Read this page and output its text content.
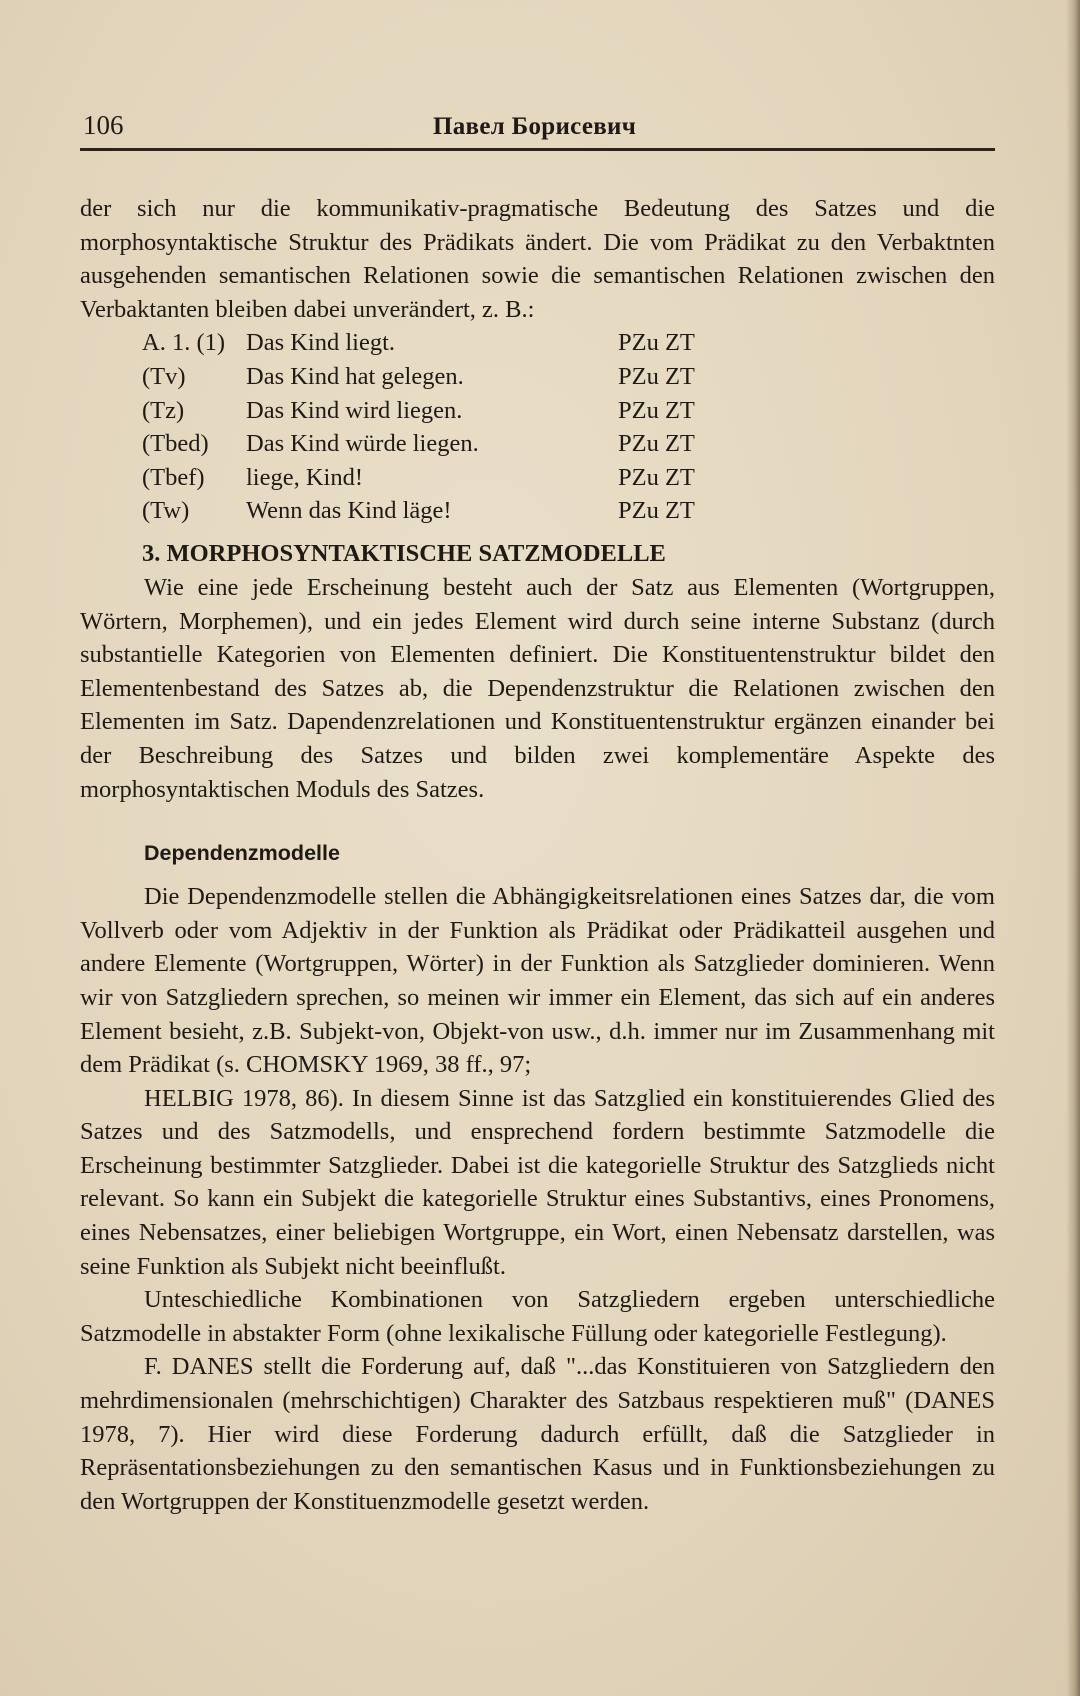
106	Павел Борисевич

der sich nur die kommunikativ-pragmatische Bedeutung des Satzes und die morphosyntaktische Struktur des Prädikats ändert. Die vom Prädikat zu den Verbaktnten ausgehenden semantischen Relationen sowie die semantischen Relationen zwischen den Verbaktanten bleiben dabei unverändert, z. B.:

A. 1. (1) Das Kind liegt.	PZu ZT
(Tv) Das Kind hat gelegen.	PZu ZT
(Tz)	Das Kind wird liegen.	PZu ZT
(Tbed) Das Kind würde liegen.	PZu ZT
(Tbef) liege, Kind!	PZu ZT
(Tw) Wenn das Kind läge!	PZu ZT
3. MORPHOSYNTAKTISCHE SATZMODELLE

Wie eine jede Erscheinung besteht auch der Satz aus Elementen (Wortgruppen, Wörtern, Morphemen), und ein jedes Element wird durch seine interne Substanz (durch substantielle Kategorien von Elementen definiert. Die Konstituentenstruktur bildet den Elementenbestand des Satzes ab, die Dependenzstruktur die Relationen zwischen den Elementen im Satz. Dapendenzrelationen und Konstituentenstruktur ergänzen einander bei der Beschreibung des Satzes und bilden zwei komplementäre Aspekte des morphosyntaktischen Moduls des Satzes.

Dependenzmodelle

Die Dependenzmodelle stellen die Abhängigkeitsrelationen eines Satzes dar, die vom Vollverb oder vom Adjektiv in der Funktion als Prädikat oder Prädikatteil ausgehen und andere Elemente (Wortgruppen, Wörter) in der Funktion als Satzglieder dominieren. Wenn wir von Satzgliedern sprechen, so meinen wir immer ein Element, das sich auf ein anderes Element besieht, z.B. Subjekt-von, Objekt-von usw., d.h. immer nur im Zusammenhang mit dem Prädikat (s. CHOMSKY 1969, 38 ff., 97;

HELBIG 1978, 86). In diesem Sinne ist das Satzglied ein konstituierendes Glied des Satzes und des Satzmodells, und ensprechend fordern bestimmte Satzmodelle die Erscheinung bestimmter Satzglieder. Dabei ist die kategorielle Struktur des Satzglieds nicht relevant. So kann ein Subjekt die kategorielle Struktur eines Substantivs, eines Pronomens, eines Nebensatzes, einer beliebigen Wortgruppe, ein Wort, einen Nebensatz darstellen, was seine Funktion als Subjekt nicht beeinflußt.

Unteschiedliche Kombinationen von Satzgliedern ergeben unterschiedliche Satzmodelle in abstakter Form (ohne lexikalische Füllung oder kategorielle Festlegung).

F. DANES stellt die Forderung auf, daß "...das Konstituieren von Satzgliedern den mehrdimensionalen (mehrschichtigen) Charakter des Satzbaus respektieren muß" (DANES 1978, 7). Hier wird diese Forderung dadurch erfüllt, daß die Satzglieder in Repräsentationsbeziehungen zu den semantischen Kasus und in Funktionsbeziehungen zu den Wortgruppen der Konstituenzmodelle gesetzt werden.
